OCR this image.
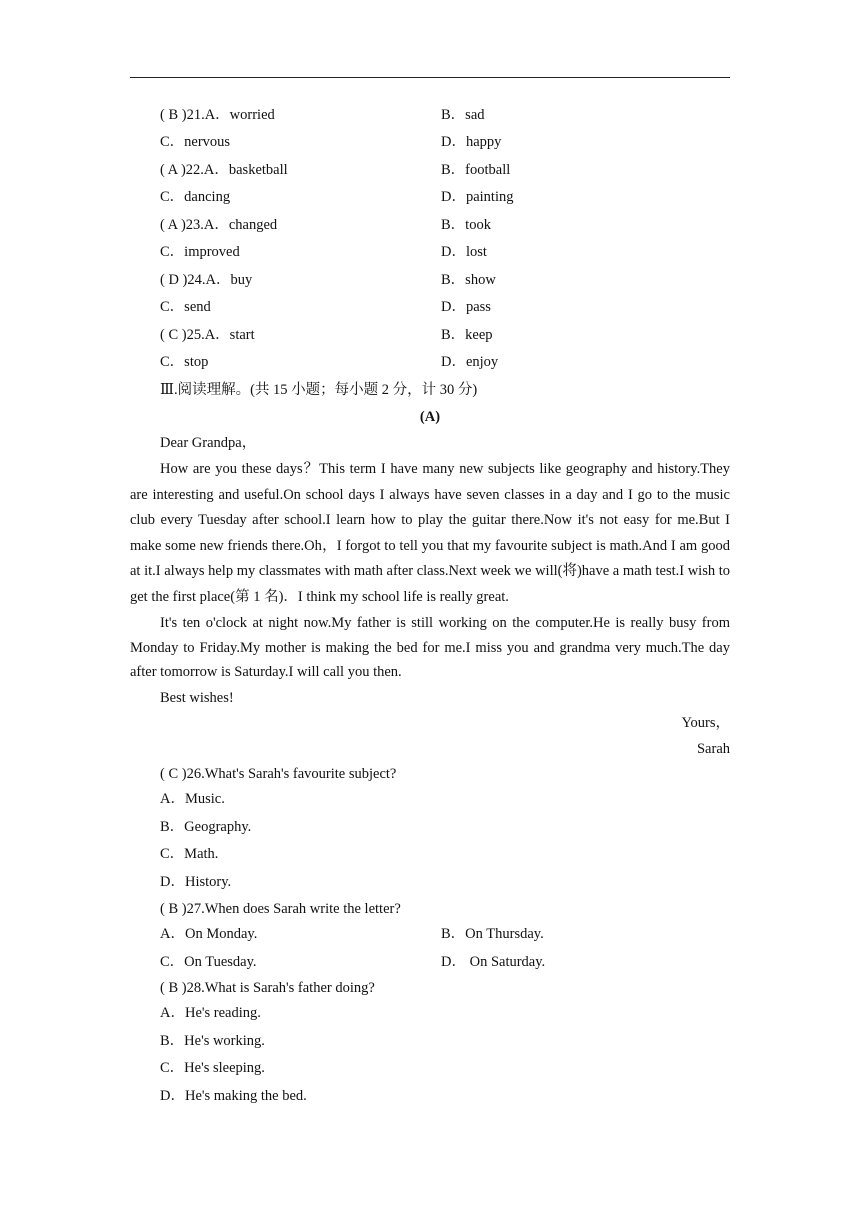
( B )21.A．worried	B．sad
C．nervous	D．happy
( A )22.A．basketball	B．football
C．dancing	D．painting
( A )23.A．changed	B．took
C．improved	D．lost
( D )24.A．buy	B．show
C．send	D．pass
( C )25.A．start	B．keep
C．stop	D．enjoy
Ⅲ.阅读理解。(共 15 小题；每小题 2 分，计 30 分)
(A)
Dear Grandpa，
How are you these days？This term I have many new subjects like geography and history.They are interesting and useful.On school days I always have seven classes in a day and I go to the music club every Tuesday after school.I learn how to play the guitar there.Now it's not easy for me.But I make some new friends there.Oh，I forgot to tell you that my favourite subject is math.And I am good at it.I always help my classmates with math after class.Next week we will(将)have a math test.I wish to get the first place(第 1 名)．I think my school life is really great.
It's ten o'clock at night now.My father is still working on the computer.He is really busy from Monday to Friday.My mother is making the bed for me.I miss you and grandma very much.The day after tomorrow is Saturday.I will call you then.
Best wishes!
Yours，
Sarah
( C )26.What's Sarah's favourite subject?
A．Music.
B．Geography.
C．Math.
D．History.
( B )27.When does Sarah write the letter?
A．On Monday.	B．On Thursday.
C．On Tuesday.	D． On Saturday.
( B )28.What is Sarah's father doing?
A．He's reading.
B．He's working.
C．He's sleeping.
D．He's making the bed.
